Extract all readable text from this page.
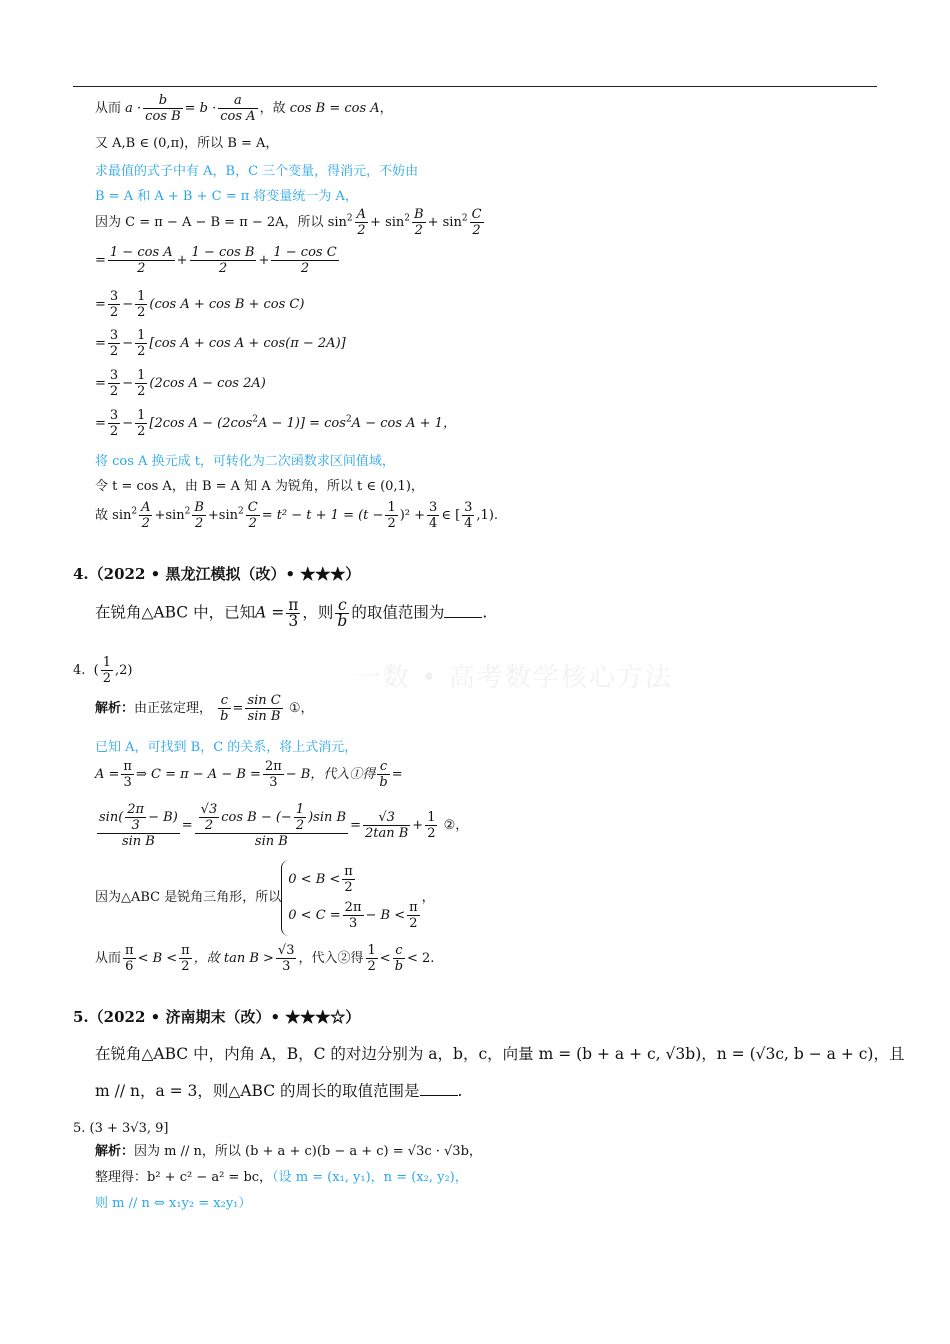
一数 • 高考数学核心方法
从而 $a \cdot \frac{b}{\text{cos B}} = b \cdot \frac{a}{\text{cos A}}$ ，故 cos B = cos A，
又 A,B ∈ (0,π)，所以 B = A，
求最值的式子中有 A，B，C 三个变量，得消元，不妨由
B = A 和 A + B + C = π 将变量统一为 A，
因为 C = π − A − B = π − 2A，所以 $\sin^2 \frac{A}{2} + \sin^2 \frac{B}{2} + \sin^2 \frac{C}{2}$
= $\frac{\text{1 − cos A}}{2} + \frac{\text{1 − cos B}}{2} + \frac{\text{1 − cos C}}{2}$
= $\frac{3}{2} - \frac{1}{2} (\cos$ A + cos B + cos C)
= $\frac{3}{2} - \frac{1}{2} [\cos$ A + cos A + cos(π − 2A)]
= $\frac{3}{2} - \frac{1}{2} (2\cos$ A − cos 2A)
= $\frac{3}{2} - \frac{1}{2} [2\cos$ $A - (2\cos^2A - 1)] = \cos^2A - \cos A + 1$，
将 cos A 换元成 t，可转化为二次函数求区间值域，
令 t = cos A，由 B = A 知 A 为锐角，所以 t ∈ (0,1)，
故 $\sin^2 \frac{A}{2} +\sin^2 \frac{B}{2} +\sin^2 \frac{C}{2} = t^2 - t + 1 = (t - \frac{1}{2} )^2 + \frac{3}{4}$ ∈ [ $\frac{3}{4} ,1$).
4.（2022 • 黑龙江模拟（改）• ★★★）
在锐角△ABC 中，已知$A = \frac{\pi}{3}$ ，则 $\frac{c}{b}$ 的取值范围为 .
4. ( $\frac{1}{2} ,2$)
解析：由正弦定理， $\frac{c}{b} = \frac{\text{sin C}}{\text{sin B}}$ ①，
已知 A，可找到 B，C 的关系，将上式消元，
$A = \frac{\pi}{3}$ ⇒ $C = \pi - A - B = \frac{2\pi}{3} - B$，代入①得 $\frac{c}{b}$ =
$\frac{\sin( \frac{2\pi}{3} - B)}{\text{sin B}} = \frac{\frac{√3}{2} \cos B - (- \frac{1}{2} )\sin B}{\text{sin B}} = \frac{√3}{\text{2tan B}} + \frac{1}{2}$ ②，
因为△ABC 是锐角三角形，所以
$0 < B < \frac{\pi}{2}$
$0 < C = \frac{2\pi}{3} - B < \frac{\pi}{2}$
，
从而 $\frac{\pi}{6} < B < \frac{\pi}{2}$ ，故 $\tan B > \frac{√3}{3}$ ，代入②得 $\frac{1}{2} < \frac{c}{b} < 2$.
5.（2022 • 济南期末（改）• ★★★☆）
在锐角△ABC 中，内角 A，B，C 的对边分别为 a，b，c，向量 m = (b + a + c, √3b)，n = (√3c, b − a + c)，且
m // n，a = 3，则△ABC 的周长的取值范围是 .
5. (3 + 3√3, 9]
解析：因为 m // n，所以 (b + a + c)(b − a + c) = √3c · √3b，
整理得：b² + c² − a² = bc，（设 m = (x₁, y₁)，n = (x₂, y₂)，
则 m // n ⇔ x₁y₂ = x₂y₁）
